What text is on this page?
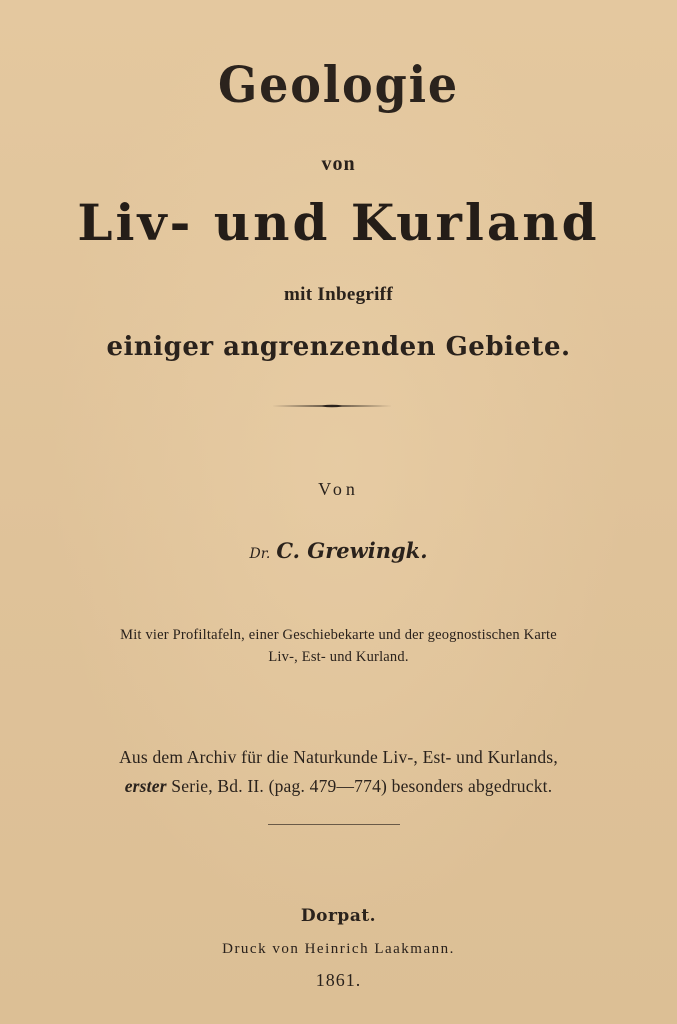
Geologie
von
Liv- und Kurland
mit Inbegriff
einiger angrenzenden Gebiete.
Von
Dr. C. Grewingk.
Mit vier Profiltafeln, einer Geschiebekarte und der geognostischen Karte
Liv-, Est- und Kurland.
Aus dem Archiv für die Naturkunde Liv-, Est- und Kurlands,
erster Serie, Bd. II. (pag. 479—774) besonders abgedruckt.
Dorpat.
Druck von Heinrich Laakmann.
1861.
